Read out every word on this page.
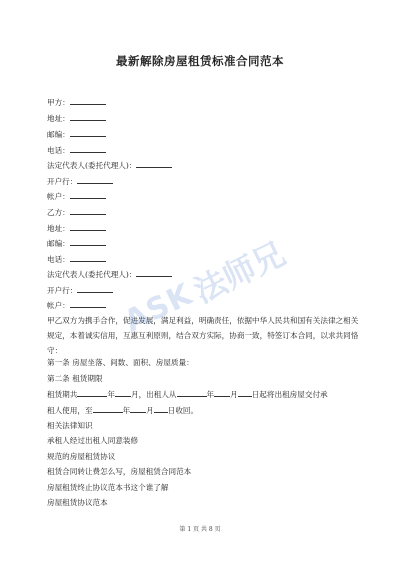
最新解除房屋租赁标准合同范本
甲方：
地址：
邮编：
电话：
法定代表人(委托代理人)：
开户行：
帐户：
乙方：
地址：
邮编：
电话：
法定代表人(委托代理人)：
开户行：
帐户：
甲乙双方为携手合作，促进发展，满足利益，明确责任，依据中华人民共和国有关法律之相关规定，本着诚实信用，互惠互利原则，结合双方实际，协商一致，特签订本合同，以求共同恪守：
第一条 房屋坐落、间数、面积、房屋质量：
第二条 租赁期限
租赁期共	年 月，出租人从	年 月 日起将出租房屋交付承
租人使用，至	年 月 日收回。
相关法律知识
承租人经过出租人同意装修
规范的房屋租赁协议
租赁合同转让费怎么写，房屋租赁合同范本
房屋租赁终止协议范本书这个谁了解
房屋租赁协议范本
第 1 页 共 8 页
ASK
法师兄
